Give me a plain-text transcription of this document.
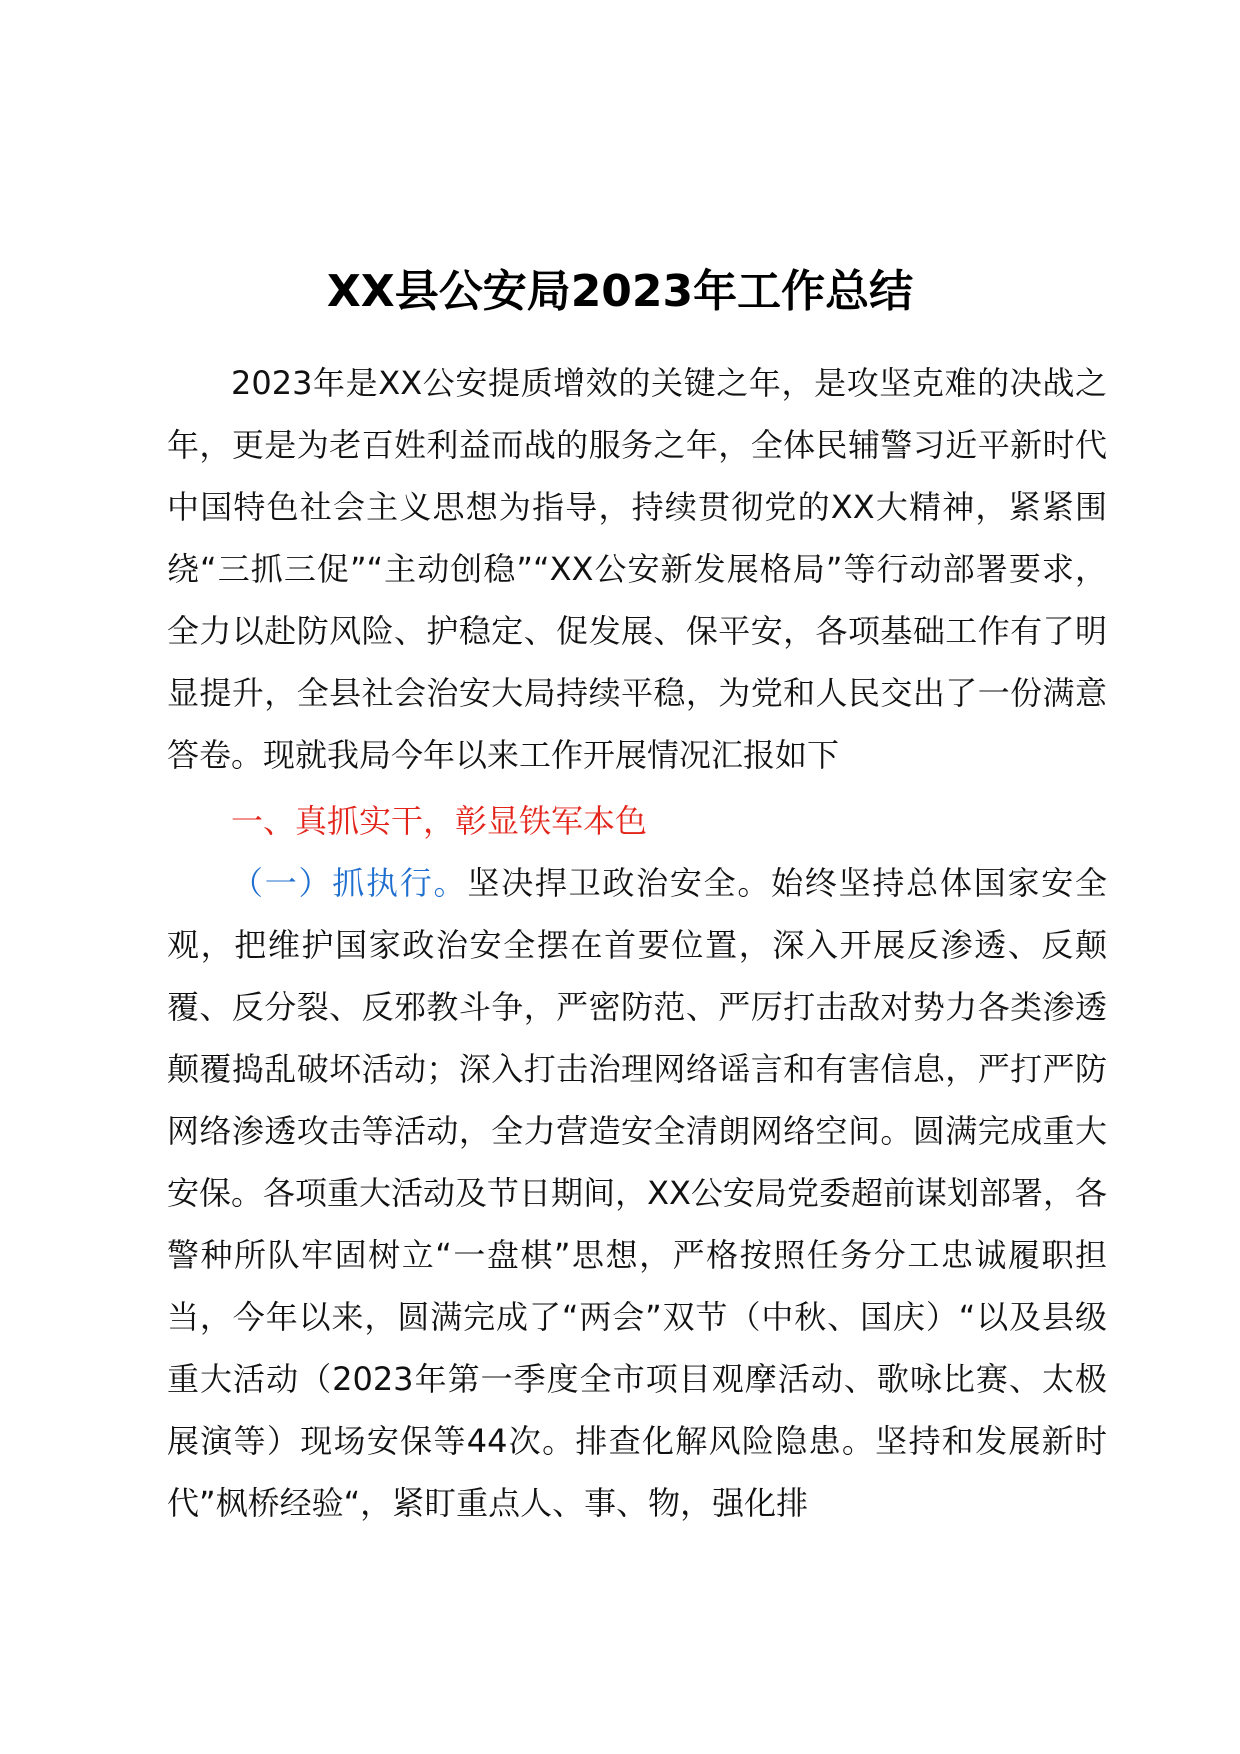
XX县公安局2023年工作总结

2023年是XX公安提质增效的关键之年，是攻坚克难的决战之年，更是为老百姓利益而战的服务之年，全体民辅警习近平新时代中国特色社会主义思想为指导，持续贯彻党的XX大精神，紧紧围绕“三抓三促”“主动创稳”“XX公安新发展格局”等行动部署要求，全力以赴防风险、护稳定、促发展、保平安，各项基础工作有了明显提升，全县社会治安大局持续平稳，为党和人民交出了一份满意答卷。现就我局今年以来工作开展情况汇报如下

一、真抓实干，彰显铁军本色

（一）抓执行。坚决捍卫政治安全。始终坚持总体国家安全观，把维护国家政治安全摆在首要位置，深入开展反渗透、反颠覆、反分裂、反邪教斗争，严密防范、严厉打击敌对势力各类渗透颠覆捣乱破坏活动；深入打击治理网络谣言和有害信息，严打严防网络渗透攻击等活动，全力营造安全清朗网络空间。圆满完成重大安保。各项重大活动及节日期间，XX公安局党委超前谋划部署，各警种所队牢固树立“一盘棋”思想，严格按照任务分工忠诚履职担当，今年以来，圆满完成了“两会”双节（中秋、国庆）“以及县级重大活动（2023年第一季度全市项目观摩活动、歌咏比赛、太极展演等）现场安保等44次。排查化解风险隐患。坚持和发展新时代”枫桥经验“，紧盯重点人、事、物，强化排
